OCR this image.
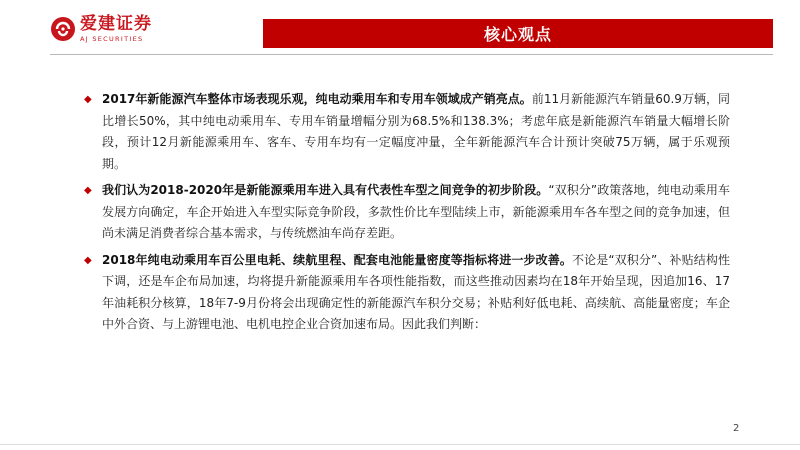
爱建证券
AJ SECURITIES	核心观点
◆ 2017年新能源汽车整体市场表现乐观，纯电动乘用车和专用车领域成产销亮点。前11月新能源汽车销量60.9万辆，同比增长50%，其中纯电动乘用车、专用车销量增幅分别为68.5%和138.3%；考虑年底是新能源汽车销量大幅增长阶段，预计12月新能源乘用车、客车、专用车均有一定幅度冲量，全年新能源汽车合计预计突破75万辆，属于乐观预期。
◆ 我们认为2018-2020年是新能源乘用车进入具有代表性车型之间竞争的初步阶段。“双积分”政策落地，纯电动乘用车发展方向确定，车企开始进入车型实际竞争阶段，多款性价比车型陆续上市，新能源乘用车各车型之间的竞争加速，但尚未满足消费者综合基本需求，与传统燃油车尚存差距。
◆ 2018年纯电动乘用车百公里电耗、续航里程、配套电池能量密度等指标将进一步改善。不论是“双积分”、补贴结构性下调，还是车企布局加速，均将提升新能源乘用车各项性能指数，而这些推动因素均在18年开始呈现，因追加16、17年油耗积分核算，18年7-9月份将会出现确定性的新能源汽车积分交易；补贴利好低电耗、高续航、高能量密度；车企中外合资、与上游锂电池、电机电控企业合资加速布局。因此我们判断：
2
